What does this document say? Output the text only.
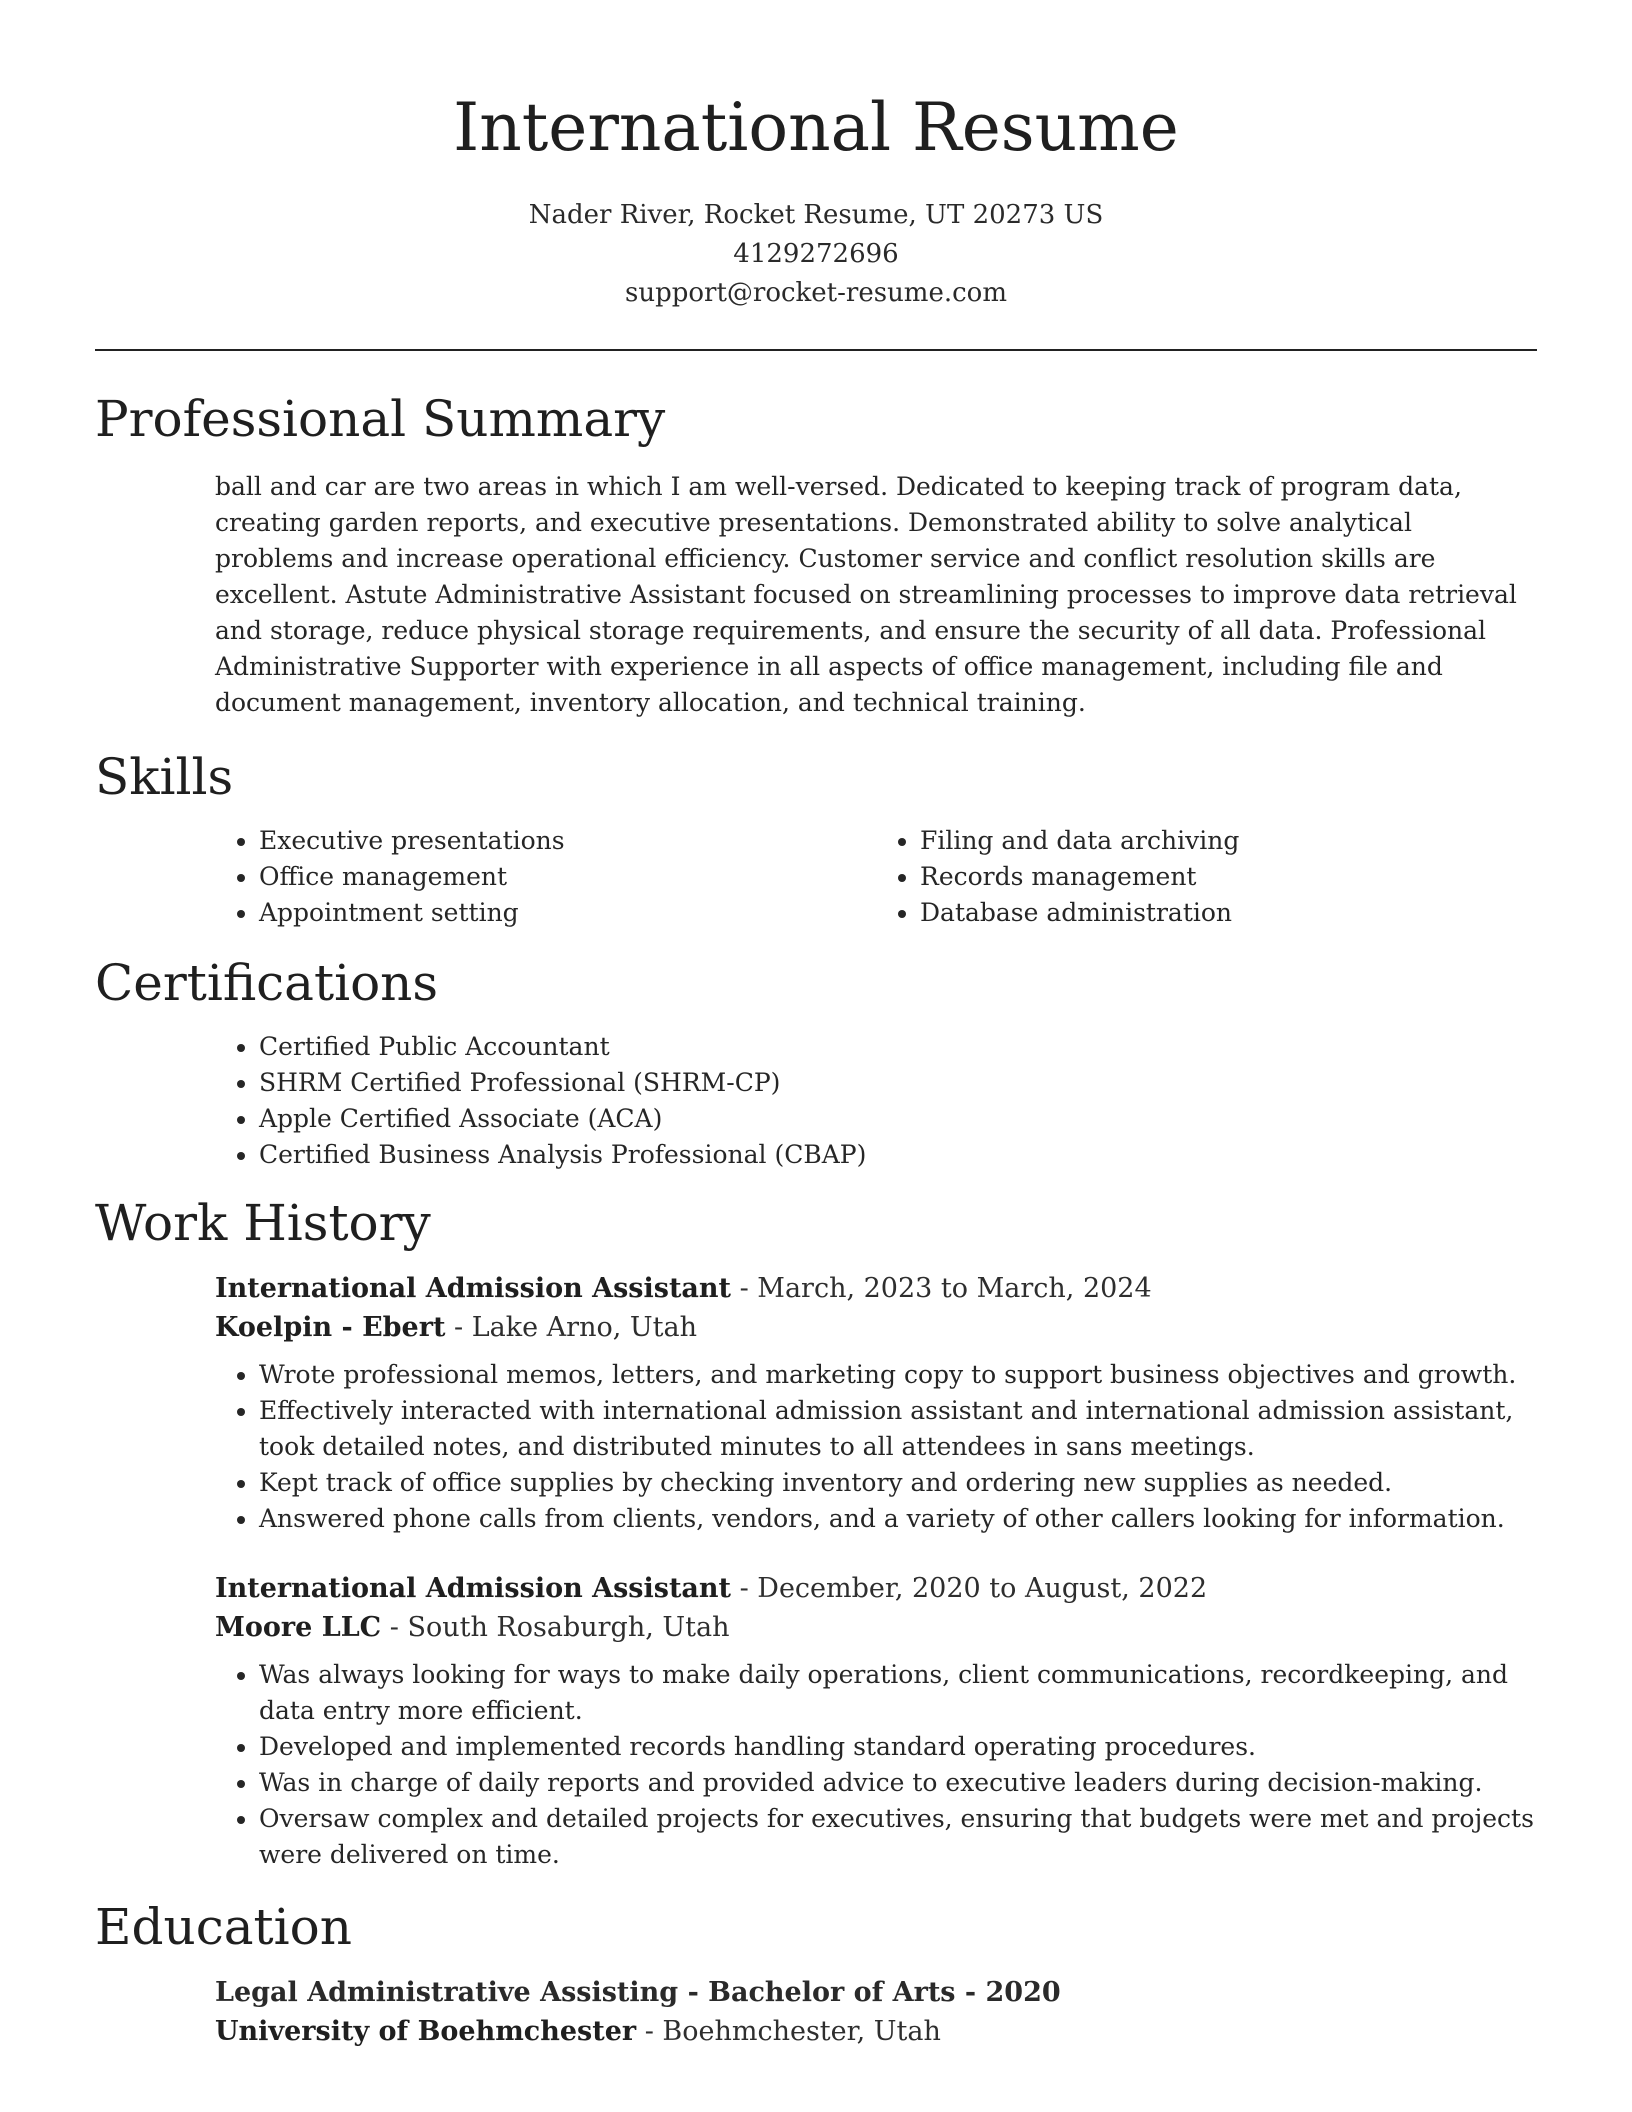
International Resume
Nader River, Rocket Resume, UT 20273 US
4129272696
support@rocket-resume.com
Professional Summary

ball and car are two areas in which I am well-versed. Dedicated to keeping track of program data, creating garden reports, and executive presentations. Demonstrated ability to solve analytical problems and increase operational efficiency. Customer service and conflict resolution skills are excellent. Astute Administrative Assistant focused on streamlining processes to improve data retrieval and storage, reduce physical storage requirements, and ensure the security of all data. Professional Administrative Supporter with experience in all aspects of office management, including file and document management, inventory allocation, and technical training.

Skills
• Executive presentations
• Office management
• Appointment setting
• Filing and data archiving
• Records management
• Database administration
Certifications
• Certified Public Accountant
• SHRM Certified Professional (SHRM-CP)
• Apple Certified Associate (ACA)
• Certified Business Analysis Professional (CBAP)
Work History
International Admission Assistant - March, 2023 to March, 2024
Koelpin - Ebert - Lake Arno, Utah
• Wrote professional memos, letters, and marketing copy to support business objectives and growth.
• Effectively interacted with international admission assistant and international admission assistant, took detailed notes, and distributed minutes to all attendees in sans meetings.
• Kept track of office supplies by checking inventory and ordering new supplies as needed.
• Answered phone calls from clients, vendors, and a variety of other callers looking for information.
International Admission Assistant - December, 2020 to August, 2022
Moore LLC - South Rosaburgh, Utah
• Was always looking for ways to make daily operations, client communications, recordkeeping, and data entry more efficient.
• Developed and implemented records handling standard operating procedures.
• Was in charge of daily reports and provided advice to executive leaders during decision-making.
• Oversaw complex and detailed projects for executives, ensuring that budgets were met and projects were delivered on time.
Education
Legal Administrative Assisting - Bachelor of Arts - 2020
University of Boehmchester - Boehmchester, Utah
